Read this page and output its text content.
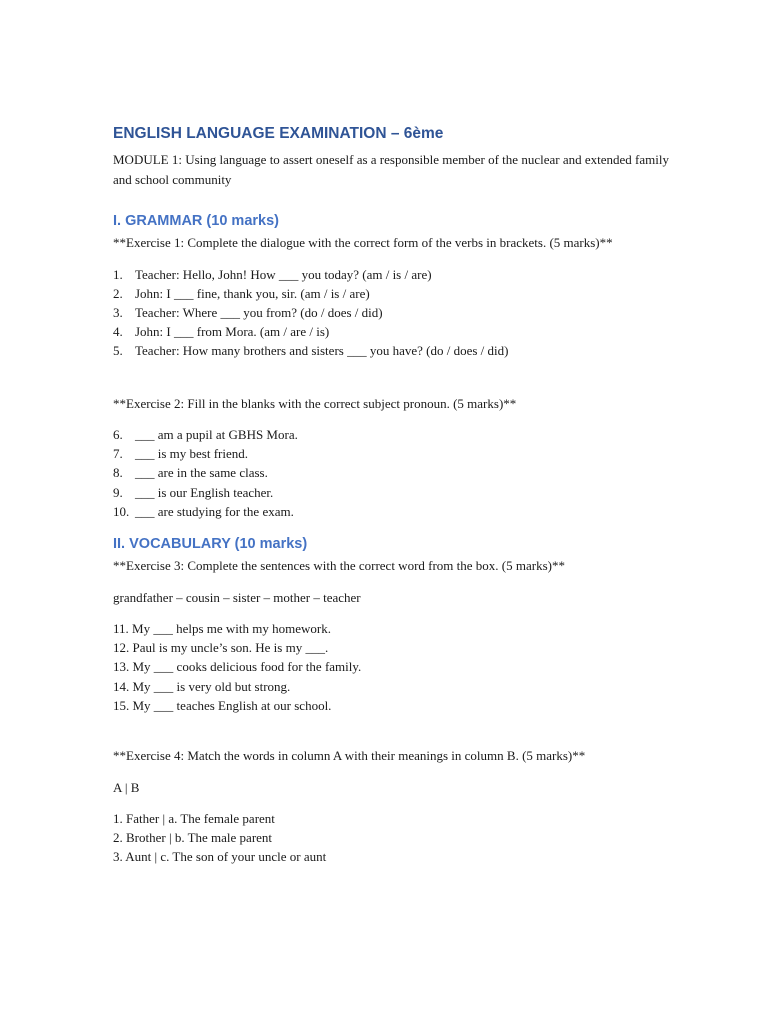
ENGLISH LANGUAGE EXAMINATION – 6ème

MODULE 1: Using language to assert oneself as a responsible member of the nuclear and extended family and school community

I. GRAMMAR (10 marks)

**Exercise 1: Complete the dialogue with the correct form of the verbs in brackets. (5 marks)**

1. Teacher: Hello, John! How ___ you today? (am / is / are)
2. John: I ___ fine, thank you, sir. (am / is / are)
3. Teacher: Where ___ you from? (do / does / did)
4. John: I ___ from Mora. (am / are / is)
5. Teacher: How many brothers and sisters ___ you have? (do / does / did)

**Exercise 2: Fill in the blanks with the correct subject pronoun. (5 marks)**

6. ___ am a pupil at GBHS Mora.
7. ___ is my best friend.
8. ___ are in the same class.
9. ___ is our English teacher.
10. ___ are studying for the exam.
II. VOCABULARY (10 marks)

**Exercise 3: Complete the sentences with the correct word from the box. (5 marks)**

grandfather – cousin – sister – mother – teacher

11. My ___ helps me with my homework.
12. Paul is my uncle’s son. He is my ___.
13. My ___ cooks delicious food for the family.
14. My ___ is very old but strong.
15. My ___ teaches English at our school.

**Exercise 4: Match the words in column A with their meanings in column B. (5 marks)**

A | B

1. Father | a. The female parent
2. Brother | b. The male parent
3. Aunt | c. The son of your uncle or aunt
